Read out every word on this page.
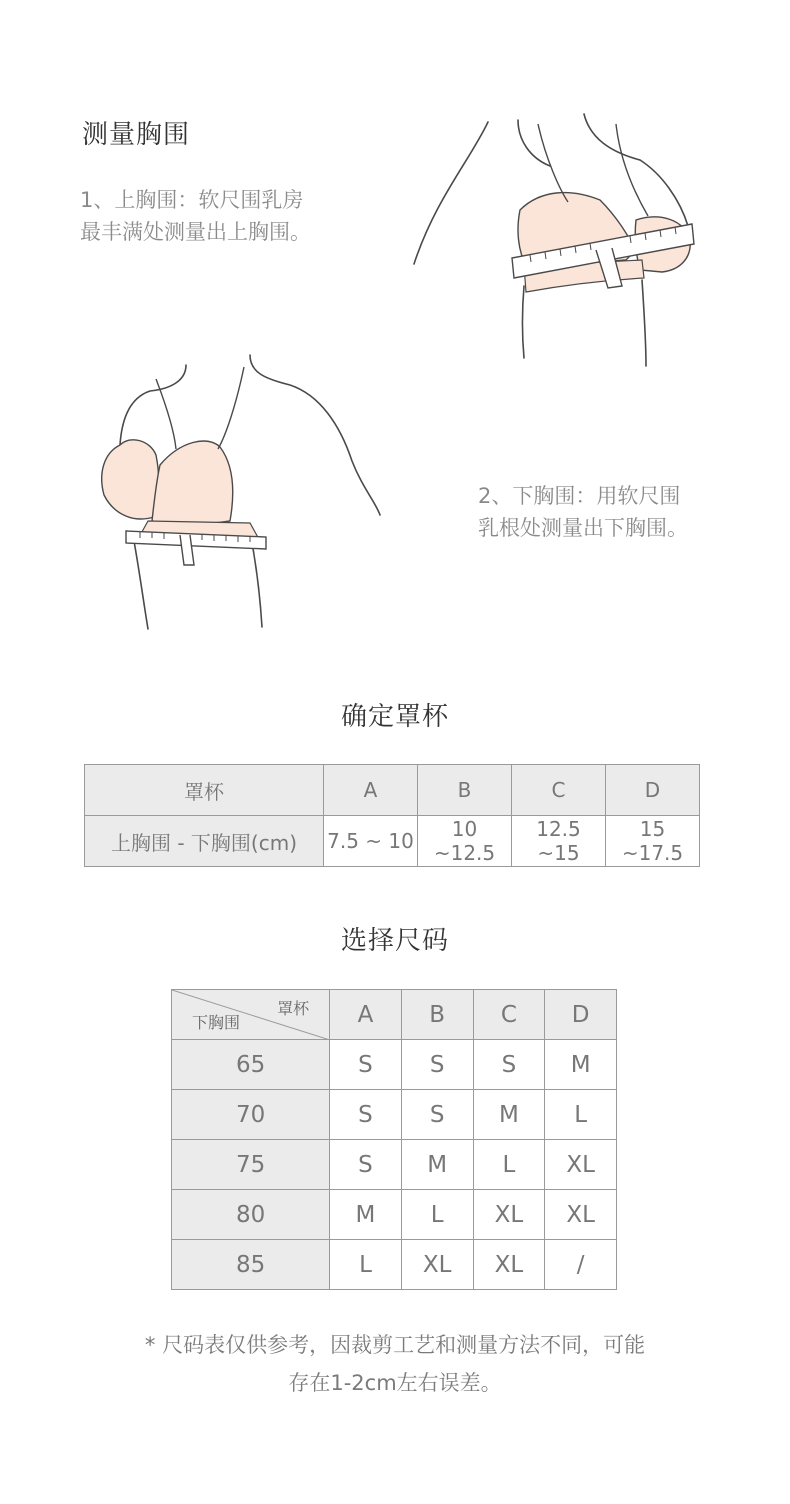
测量胸围
1、上胸围：软尺围乳房
最丰满处测量出上胸围。
2、下胸围：用软尺围
乳根处测量出下胸围。
确定罩杯
罩杯	A	B	C	D
上胸围 - 下胸围(cm)	7.5 ~ 10	10 ~12.5	12.5 ~15	15 ~17.5
选择尺码
罩杯
下胸围	A	B	C	D
65	S	S	S	M
70	S	S	M	L
75	S	M	L	XL
80	M	L	XL	XL
85	L	XL	XL	/
* 尺码表仅供参考，因裁剪工艺和测量方法不同，可能
存在1-2cm左右误差。
